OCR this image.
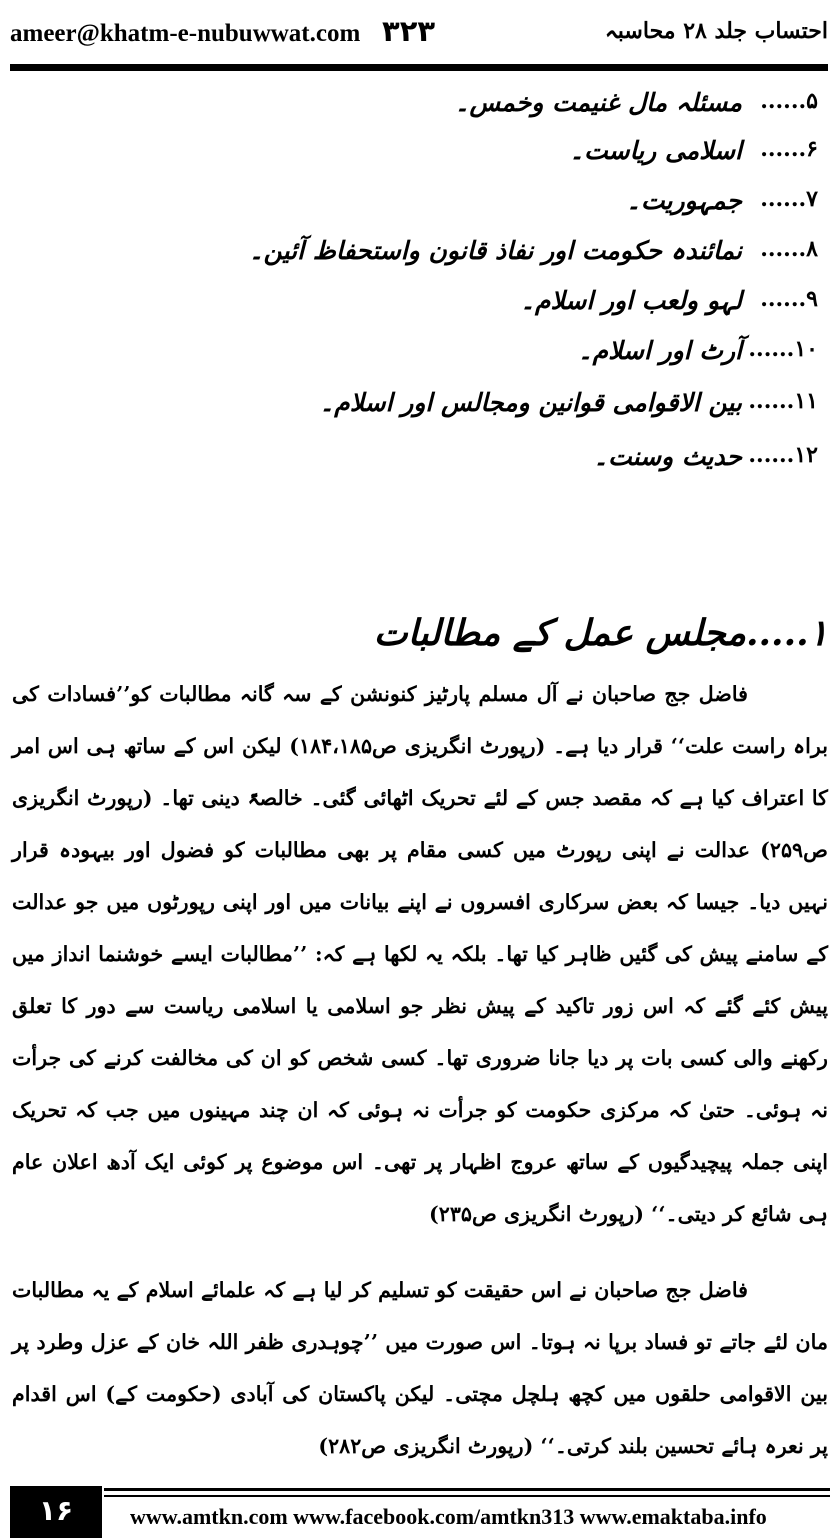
ameer@khatm-e-nubuwwat.com ٣٢٣	احتساب جلد ۲۸ محاسبہ
۵......
مسئلہ مال غنیمت وخمس۔
۶......
اسلامی ریاست۔
۷......
جمہوریت۔
۸......
نمائندہ حکومت اور نفاذ قانون واستحفاظ آئین۔
۹......
لہو ولعب اور اسلام۔
۱۰......
آرٹ اور اسلام۔
۱۱......
بین الاقوامی قوانین ومجالس اور اسلام۔
۱۲......
حدیث وسنت۔
۱.....مجلس عمل کے مطالبات
فاضل جج صاحبان نے آل مسلم پارٹیز کنونشن کے سہ گانہ مطالبات کو’’فسادات کی براہ راست علت‘‘ قرار دیا ہے۔ (رپورٹ انگریزی ص۱۸۴،۱۸۵) لیکن اس کے ساتھ ہی اس امر کا اعتراف کیا ہے کہ مقصد جس کے لئے تحریک اٹھائی گئی۔ خالصۃً دینی تھا۔ (رپورٹ انگریزی ص۲۵۹) عدالت نے اپنی رپورٹ میں کسی مقام پر بھی مطالبات کو فضول اور بیہودہ قرار نہیں دیا۔ جیسا کہ بعض سرکاری افسروں نے اپنے بیانات میں اور اپنی رپورٹوں میں جو عدالت کے سامنے پیش کی گئیں ظاہر کیا تھا۔ بلکہ یہ لکھا ہے کہ: ’’مطالبات ایسے خوشنما انداز میں پیش کئے گئے کہ اس زور تاکید کے پیش نظر جو اسلامی یا اسلامی ریاست سے دور کا تعلق رکھنے والی کسی بات پر دیا جانا ضروری تھا۔ کسی شخص کو ان کی مخالفت کرنے کی جرأت نہ ہوئی۔ حتیٰ کہ مرکزی حکومت کو جرأت نہ ہوئی کہ ان چند مہینوں میں جب کہ تحریک اپنی جملہ پیچیدگیوں کے ساتھ عروج اظہار پر تھی۔ اس موضوع پر کوئی ایک آدھ اعلان عام ہی شائع کر دیتی۔‘‘ (رپورٹ انگریزی ص۲۳۵)
فاضل جج صاحبان نے اس حقیقت کو تسلیم کر لیا ہے کہ علمائے اسلام کے یہ مطالبات مان لئے جاتے تو فساد برپا نہ ہوتا۔ اس صورت میں ’’چوہدری ظفر اللہ خان کے عزل وطرد پر بین الاقوامی حلقوں میں کچھ ہلچل مچتی۔ لیکن پاکستان کی آبادی (حکومت کے) اس اقدام پر نعرہ ہائے تحسین بلند کرتی۔‘‘ (رپورٹ انگریزی ص۲۸۲)
۱۶	www.amtkn.com www.facebook.com/amtkn313 www.emaktaba.info
